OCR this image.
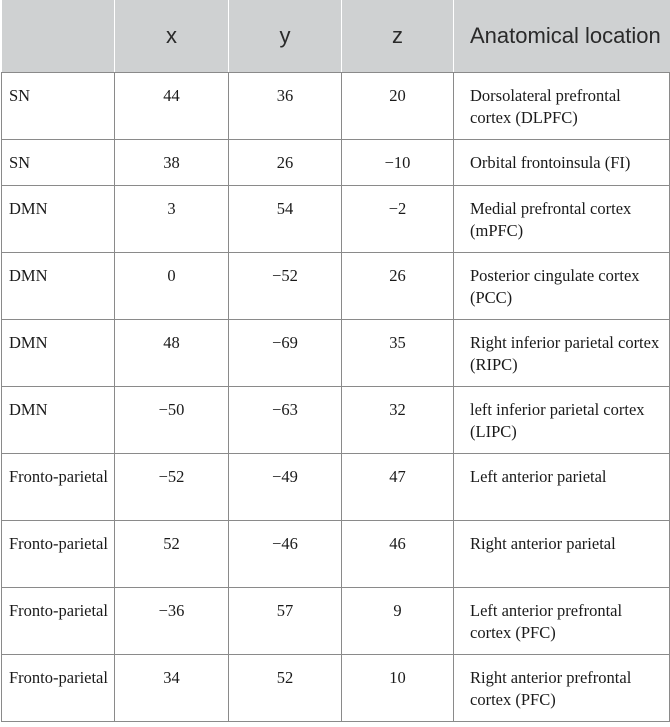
	x	y	z	Anatomical location
SN	44	36	20	Dorsolateral prefrontal cortex (DLPFC)
SN	38	26	−10	Orbital frontoinsula (FI)
DMN	3	54	−2	Medial prefrontal cortex (mPFC)
DMN	0	−52	26	Posterior cingulate cortex (PCC)
DMN	48	−69	35	Right inferior parietal cortex (RIPC)
DMN	−50	−63	32	left inferior parietal cortex (LIPC)
Fronto-parietal	−52	−49	47	Left anterior parietal
Fronto-parietal	52	−46	46	Right anterior parietal
Fronto-parietal	−36	57	9	Left anterior prefrontal cortex (PFC)
Fronto-parietal	34	52	10	Right anterior prefrontal cortex (PFC)
